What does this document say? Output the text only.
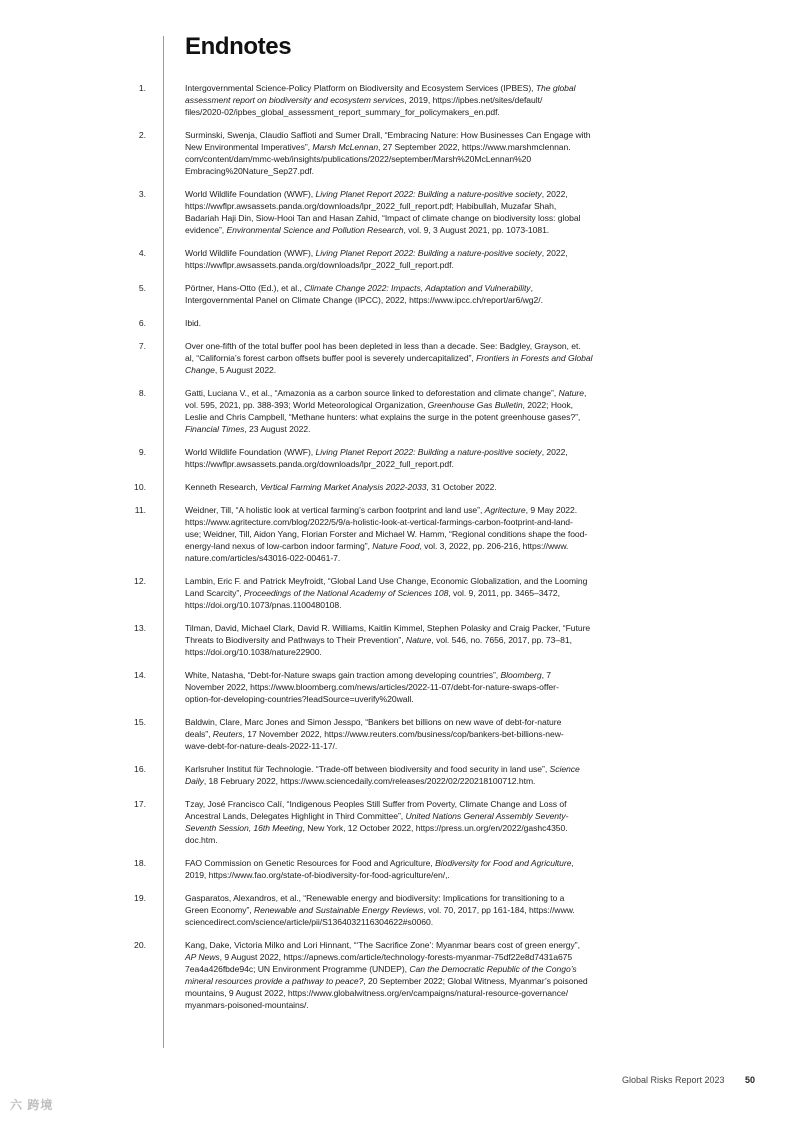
Endnotes
1.	Intergovernmental Science-Policy Platform on Biodiversity and Ecosystem Services (IPBES), The global
assessment report on biodiversity and ecosystem services, 2019, https://ipbes.net/sites/default/
files/2020-02/ipbes_global_assessment_report_summary_for_policymakers_en.pdf.
2.	Surminski, Swenja, Claudio Saffioti and Sumer Drall, “Embracing Nature: How Businesses Can Engage with
New Environmental Imperatives”, Marsh McLennan, 27 September 2022, https://www.marshmclennan.
com/content/dam/mmc-web/insights/publications/2022/september/Marsh%20McLennan%20
Embracing%20Nature_Sep27.pdf.
3.	World Wildlife Foundation (WWF), Living Planet Report 2022: Building a nature-positive society, 2022,
https://wwflpr.awsassets.panda.org/downloads/lpr_2022_full_report.pdf; Habibullah, Muzafar Shah,
Badariah Haji Din, Siow-Hooi Tan and Hasan Zahid, “Impact of climate change on biodiversity loss: global
evidence”, Environmental Science and Pollution Research, vol. 9, 3 August 2021, pp. 1073-1081.
4.	World Wildlife Foundation (WWF), Living Planet Report 2022: Building a nature-positive society, 2022,
https://wwflpr.awsassets.panda.org/downloads/lpr_2022_full_report.pdf.
5.	Pörtner, Hans-Otto (Ed.), et al., Climate Change 2022: Impacts, Adaptation and Vulnerability,
Intergovernmental Panel on Climate Change (IPCC), 2022, https://www.ipcc.ch/report/ar6/wg2/.
6.	Ibid.
7.	Over one-fifth of the total buffer pool has been depleted in less than a decade. See: Badgley, Grayson, et.
al, “California’s forest carbon offsets buffer pool is severely undercapitalized”, Frontiers in Forests and Global
Change, 5 August 2022.
8.	Gatti, Luciana V., et al., “Amazonia as a carbon source linked to deforestation and climate change”, Nature,
vol. 595, 2021, pp. 388-393; World Meteorological Organization, Greenhouse Gas Bulletin, 2022; Hook,
Leslie and Chris Campbell, “Methane hunters: what explains the surge in the potent greenhouse gases?”,
Financial Times, 23 August 2022.
9.	World Wildlife Foundation (WWF), Living Planet Report 2022: Building a nature-positive society, 2022,
https://wwflpr.awsassets.panda.org/downloads/lpr_2022_full_report.pdf.
10.	Kenneth Research, Vertical Farming Market Analysis 2022-2033, 31 October 2022.
11.	Weidner, Till, “A holistic look at vertical farming’s carbon footprint and land use”, Agritecture, 9 May 2022.
https://www.agritecture.com/blog/2022/5/9/a-holistic-look-at-vertical-farmings-carbon-footprint-and-land-
use; Weidner, Till, Aidon Yang, Florian Forster and Michael W. Hamm, “Regional conditions shape the food-
energy-land nexus of low-carbon indoor farming”, Nature Food, vol. 3, 2022, pp. 206-216, https://www.
nature.com/articles/s43016-022-00461-7.
12.	Lambin, Eric F. and Patrick Meyfroidt, “Global Land Use Change, Economic Globalization, and the Looming
Land Scarcity”, Proceedings of the National Academy of Sciences 108, vol. 9, 2011, pp. 3465–3472,
https://doi.org/10.1073/pnas.1100480108.
13.	Tilman, David, Michael Clark, David R. Williams, Kaitlin Kimmel, Stephen Polasky and Craig Packer, “Future
Threats to Biodiversity and Pathways to Their Prevention”, Nature, vol. 546, no. 7656, 2017, pp. 73–81,
https://doi.org/10.1038/nature22900.
14.	White, Natasha, “Debt-for-Nature swaps gain traction among developing countries”, Bloomberg, 7
November 2022, https://www.bloomberg.com/news/articles/2022-11-07/debt-for-nature-swaps-offer-
option-for-developing-countries?leadSource=uverify%20wall.
15.	Baldwin, Clare, Marc Jones and Simon Jesspo, “Bankers bet billions on new wave of debt-for-nature
deals”, Reuters, 17 November 2022, https://www.reuters.com/business/cop/bankers-bet-billions-new-
wave-debt-for-nature-deals-2022-11-17/.
16.	Karlsruher Institut für Technologie. “Trade-off between biodiversity and food security in land use”, Science
Daily, 18 February 2022, https://www.sciencedaily.com/releases/2022/02/220218100712.htm.
17.	Tzay, José Francisco Calí, “Indigenous Peoples Still Suffer from Poverty, Climate Change and Loss of
Ancestral Lands, Delegates Highlight in Third Committee”, United Nations General Assembly Seventy-
Seventh Session, 16th Meeting, New York, 12 October 2022, https://press.un.org/en/2022/gashc4350.
doc.htm.
18.	FAO Commission on Genetic Resources for Food and Agriculture, Biodiversity for Food and Agriculture,
2019, https://www.fao.org/state-of-biodiversity-for-food-agriculture/en/,.
19.	Gasparatos, Alexandros, et al., “Renewable energy and biodiversity: Implications for transitioning to a
Green Economy”, Renewable and Sustainable Energy Reviews, vol. 70, 2017, pp 161-184, https://www.
sciencedirect.com/science/article/pii/S1364032116304622#s0060.
20.	Kang, Dake, Victoria Milko and Lori Hinnant, “‘The Sacrifice Zone’: Myanmar bears cost of green energy”,
AP News, 9 August 2022, https://apnews.com/article/technology-forests-myanmar-75df22e8d7431a675
7ea4a426fbde94c; UN Environment Programme (UNDEP), Can the Democratic Republic of the Congo’s
mineral resources provide a pathway to peace?, 20 September 2022; Global Witness, Myanmar’s poisoned
mountains, 9 August 2022, https://www.globalwitness.org/en/campaigns/natural-resource-governance/
myanmars-poisoned-mountains/.
Global Risks Report 2023 50
六 跨境
